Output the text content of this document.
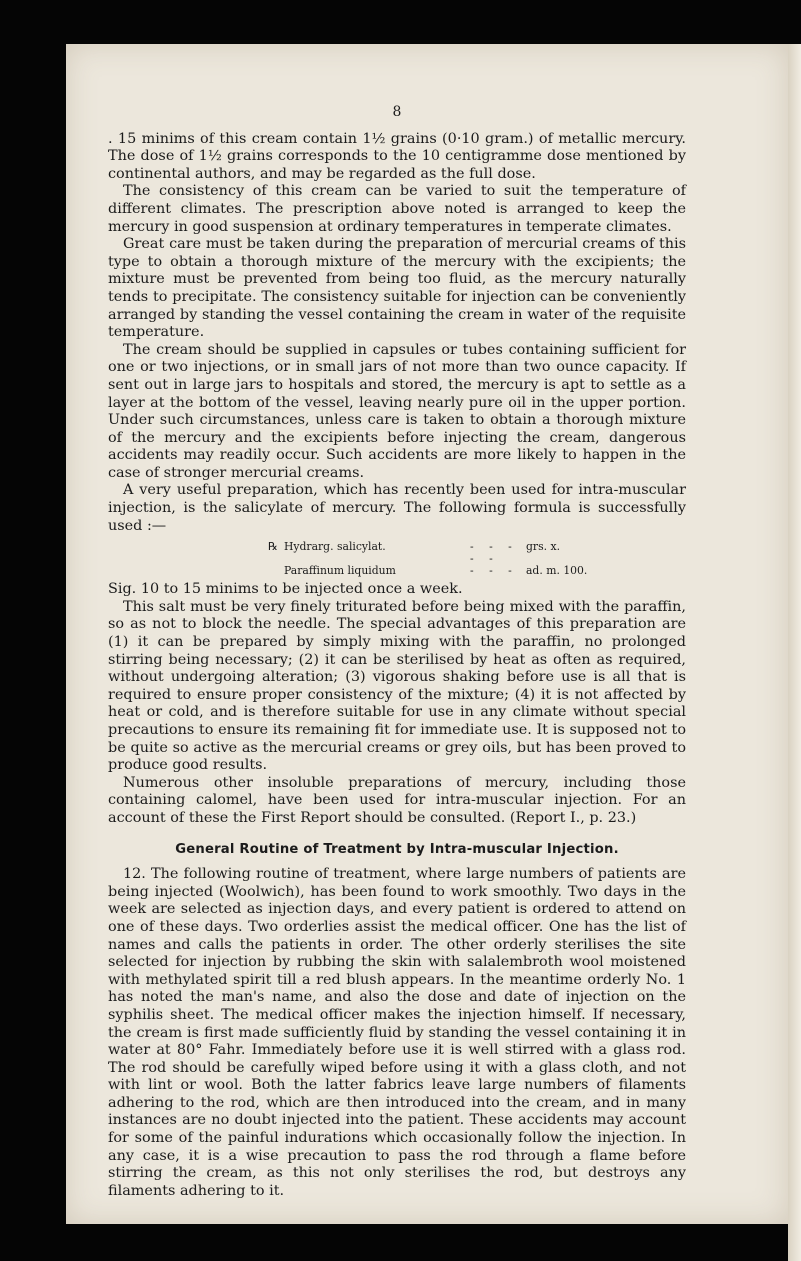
8

. 15 minims of this cream contain 1½ grains (0·10 gram.) of metallic mercury. The dose of 1½ grains corresponds to the 10 centigramme dose mentioned by continental authors, and may be regarded as the full dose.

The consistency of this cream can be varied to suit the temperature of different climates. The prescription above noted is arranged to keep the mercury in good suspension at ordinary temperatures in temperate climates.

Great care must be taken during the preparation of mercurial creams of this type to obtain a thorough mixture of the mercury with the excipients; the mixture must be prevented from being too fluid, as the mercury naturally tends to precipitate. The consistency suitable for injection can be conveniently arranged by standing the vessel containing the cream in water of the requisite temperature.

The cream should be supplied in capsules or tubes containing sufficient for one or two injections, or in small jars of not more than two ounce capacity. If sent out in large jars to hospitals and stored, the mercury is apt to settle as a layer at the bottom of the vessel, leaving nearly pure oil in the upper portion. Under such circumstances, unless care is taken to obtain a thorough mixture of the mercury and the excipients before injecting the cream, dangerous accidents may readily occur. Such accidents are more likely to happen in the case of stronger mercurial creams.

A very useful preparation, which has recently been used for intra-muscular injection, is the salicylate of mercury. The following formula is successfully used :—

℞ Hydrarg. salicylat.	- - - - -
grs. x.
Paraffinum liquidum	- - - ad. m. 100.

Sig. 10 to 15 minims to be injected once a week.

This salt must be very finely triturated before being mixed with the paraffin, so as not to block the needle. The special advantages of this preparation are (1) it can be prepared by simply mixing with the paraffin, no prolonged stirring being necessary; (2) it can be sterilised by heat as often as required, without undergoing alteration; (3) vigorous shaking before use is all that is required to ensure proper consistency of the mixture; (4) it is not affected by heat or cold, and is therefore suitable for use in any climate without special precautions to ensure its remaining fit for immediate use. It is supposed not to be quite so active as the mercurial creams or grey oils, but has been proved to produce good results.

Numerous other insoluble preparations of mercury, including those containing calomel, have been used for intra-muscular injection. For an account of these the First Report should be consulted. (Report I., p. 23.)

General Routine of Treatment by Intra-muscular Injection.

12. The following routine of treatment, where large numbers of patients are being injected (Woolwich), has been found to work smoothly. Two days in the week are selected as injection days, and every patient is ordered to attend on one of these days. Two orderlies assist the medical officer. One has the list of names and calls the patients in order. The other orderly sterilises the site selected for injection by rubbing the skin with salalembroth wool moistened with methylated spirit till a red blush appears. In the meantime orderly No. 1 has noted the man's name, and also the dose and date of injection on the syphilis sheet. The medical officer makes the injection himself. If necessary, the cream is first made sufficiently fluid by standing the vessel containing it in water at 80° Fahr. Immediately before use it is well stirred with a glass rod. The rod should be carefully wiped before using it with a glass cloth, and not with lint or wool. Both the latter fabrics leave large numbers of filaments adhering to the rod, which are then introduced into the cream, and in many instances are no doubt injected into the patient. These accidents may account for some of the painful indurations which occasionally follow the injection. In any case, it is a wise precaution to pass the rod through a flame before stirring the cream, as this not only sterilises the rod, but destroys any filaments adhering to it.
